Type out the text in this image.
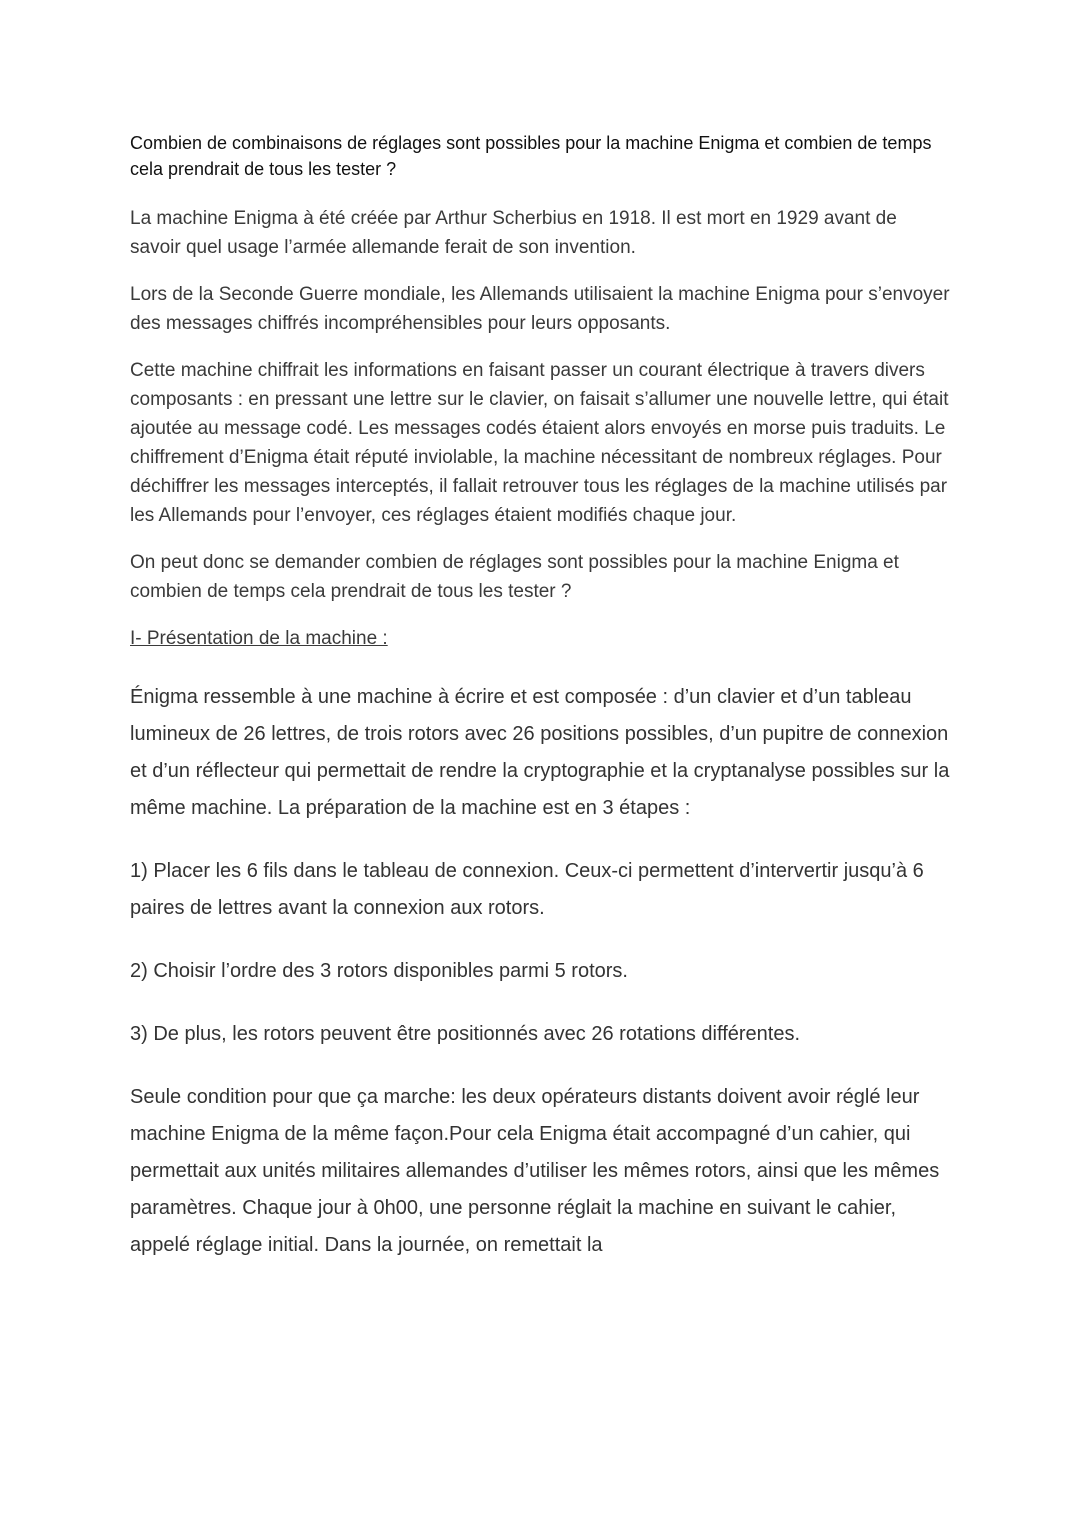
Combien de combinaisons de réglages sont possibles pour la machine Enigma et combien de temps cela prendrait de tous les tester ?

La machine Enigma à été créée par Arthur Scherbius en 1918. Il est mort en 1929 avant de savoir quel usage l’armée allemande ferait de son invention.

Lors de la Seconde Guerre mondiale, les Allemands utilisaient la machine Enigma pour s’envoyer des messages chiffrés incompréhensibles pour leurs opposants.

Cette machine chiffrait les informations en faisant passer un courant électrique à travers divers composants : en pressant une lettre sur le clavier, on faisait s’allumer une nouvelle lettre, qui était ajoutée au message codé. Les messages codés étaient alors envoyés en morse puis traduits. Le chiffrement d’Enigma était réputé inviolable, la machine nécessitant de nombreux réglages. Pour déchiffrer les messages interceptés, il fallait retrouver tous les réglages de la machine utilisés par les Allemands pour l’envoyer, ces réglages étaient modifiés chaque jour.

On peut donc se demander combien de réglages sont possibles pour la machine Enigma et combien de temps cela prendrait de tous les tester ?

I- Présentation de la machine :

Énigma ressemble à une machine à écrire et est composée : d’un clavier et d’un tableau lumineux de 26 lettres, de trois rotors avec 26 positions possibles, d’un pupitre de connexion et d’un réflecteur qui permettait de rendre la cryptographie et la cryptanalyse possibles sur la même machine. La préparation de la machine est en 3 étapes :

1) Placer les 6 fils dans le tableau de connexion. Ceux-ci permettent d’intervertir jusqu’à 6 paires de lettres avant la connexion aux rotors.

2) Choisir l’ordre des 3 rotors disponibles parmi 5 rotors.

3) De plus, les rotors peuvent être positionnés avec 26 rotations différentes.

Seule condition pour que ça marche: les deux opérateurs distants doivent avoir réglé leur machine Enigma de la même façon.Pour cela Enigma était accompagné d’un cahier, qui permettait aux unités militaires allemandes d’utiliser les mêmes rotors, ainsi que les mêmes paramètres. Chaque jour à 0h00, une personne réglait la machine en suivant le cahier, appelé réglage initial. Dans la journée, on remettait la
